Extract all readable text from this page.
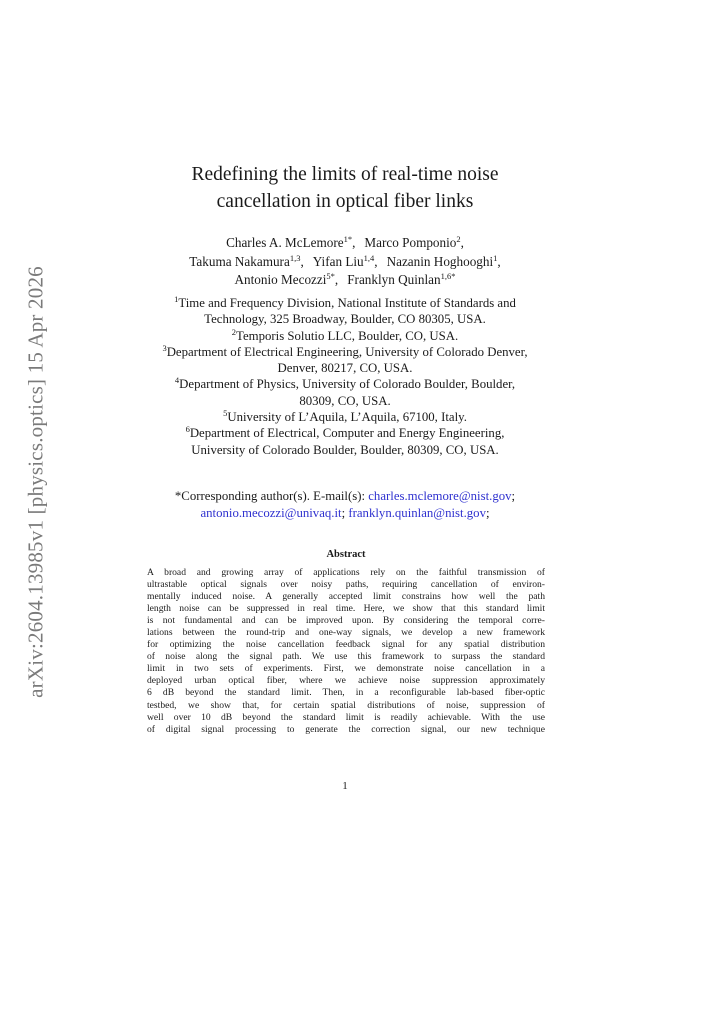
arXiv:2604.13985v1 [physics.optics] 15 Apr 2026
Redefining the limits of real-time noise
cancellation in optical fiber links
Charles A. McLemore$^{1*}$, Marco Pomponio$^2$,
Takuma Nakamura$^{1,3}$, Yifan Liu$^{1,4}$, Nazanin Hoghooghi$^1$,
Antonio Mecozzi$^{5*}$, Franklyn Quinlan$^{1,6*}$
$^1$Time and Frequency Division, National Institute of Standards and
Technology, 325 Broadway, Boulder, CO 80305, USA.
$^2$Temporis Solutio LLC, Boulder, CO, USA.
$^3$Department of Electrical Engineering, University of Colorado Denver,
Denver, 80217, CO, USA.
$^4$Department of Physics, University of Colorado Boulder, Boulder,
80309, CO, USA.
$^5$University of L’Aquila, L’Aquila, 67100, Italy.
$^6$Department of Electrical, Computer and Energy Engineering,
University of Colorado Boulder, Boulder, 80309, CO, USA.
*Corresponding author(s). E-mail(s): charles.mclemore@nist.gov;
antonio.mecozzi@univaq.it; franklyn.quinlan@nist.gov;
Abstract
A broad and growing array of applications rely on the faithful transmission of
ultrastable optical signals over noisy paths, requiring cancellation of environ-
mentally induced noise. A generally accepted limit constrains how well the path
length noise can be suppressed in real time. Here, we show that this standard limit
is not fundamental and can be improved upon. By considering the temporal corre-
lations between the round-trip and one-way signals, we develop a new framework
for optimizing the noise cancellation feedback signal for any spatial distribution
of noise along the signal path. We use this framework to surpass the standard
limit in two sets of experiments. First, we demonstrate noise cancellation in a
deployed urban optical fiber, where we achieve noise suppression approximately
6 dB beyond the standard limit. Then, in a reconfigurable lab-based fiber-optic
testbed, we show that, for certain spatial distributions of noise, suppression of
well over 10 dB beyond the standard limit is readily achievable. With the use
of digital signal processing to generate the correction signal, our new technique
1
